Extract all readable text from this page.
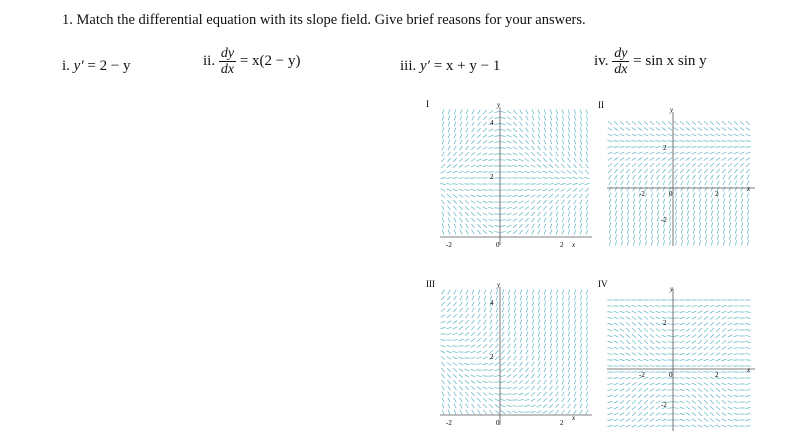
1. Match the differential equation with its slope field. Give brief reasons for your answers.
i. y′ = 2 − y	ii. $\frac{dy}{dx} = x(2 - y)$	iii. y′ = x + y − 1	iv. $\frac{dy}{dx} = \sin x$ sin y
I	y
4
2
-2	0	2 x
II	y
2
-2	0	2
x
-2
III	y
4
2
-2	0	2
x
IV	y
2
-2	0	2
x
-2
